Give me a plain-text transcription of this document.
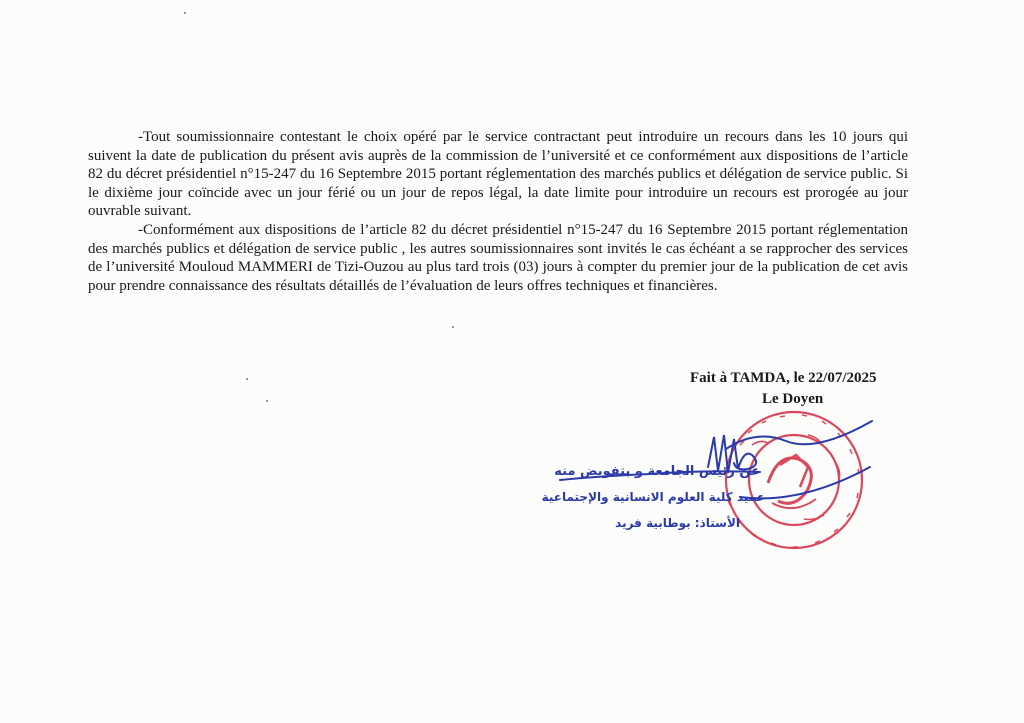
-Tout soumissionnaire contestant le choix opéré par le service contractant peut introduire un recours dans les 10 jours qui suivent la date de publication du présent avis auprès de la commission de l’université et ce conformément aux dispositions de l’article 82 du décret présidentiel n°15-247 du 16 Septembre 2015 portant réglementation des marchés publics et délégation de service public. Si le dixième jour coïncide avec un jour férié ou un jour de repos légal, la date limite pour introduire un recours est prorogée au jour ouvrable suivant.

-Conformément aux dispositions de l’article 82 du décret présidentiel n°15-247 du 16 Septembre 2015 portant réglementation des marchés publics et délégation de service public , les autres soumissionnaires sont invités le cas échéant a se rapprocher des services de l’université Mouloud MAMMERI de Tizi-Ouzou au plus tard trois (03) jours à compter du premier jour de la publication de cet avis pour prendre connaissance des résultats détaillés de l’évaluation de leurs offres techniques et financières.

Fait à TAMDA, le 22/07/2025
Le Doyen
عن رئيس الجامعة و بتفويض منه
عميد كلية العلوم الانسانية والإجتماعية
الأستاذ: بوطابية فريد
